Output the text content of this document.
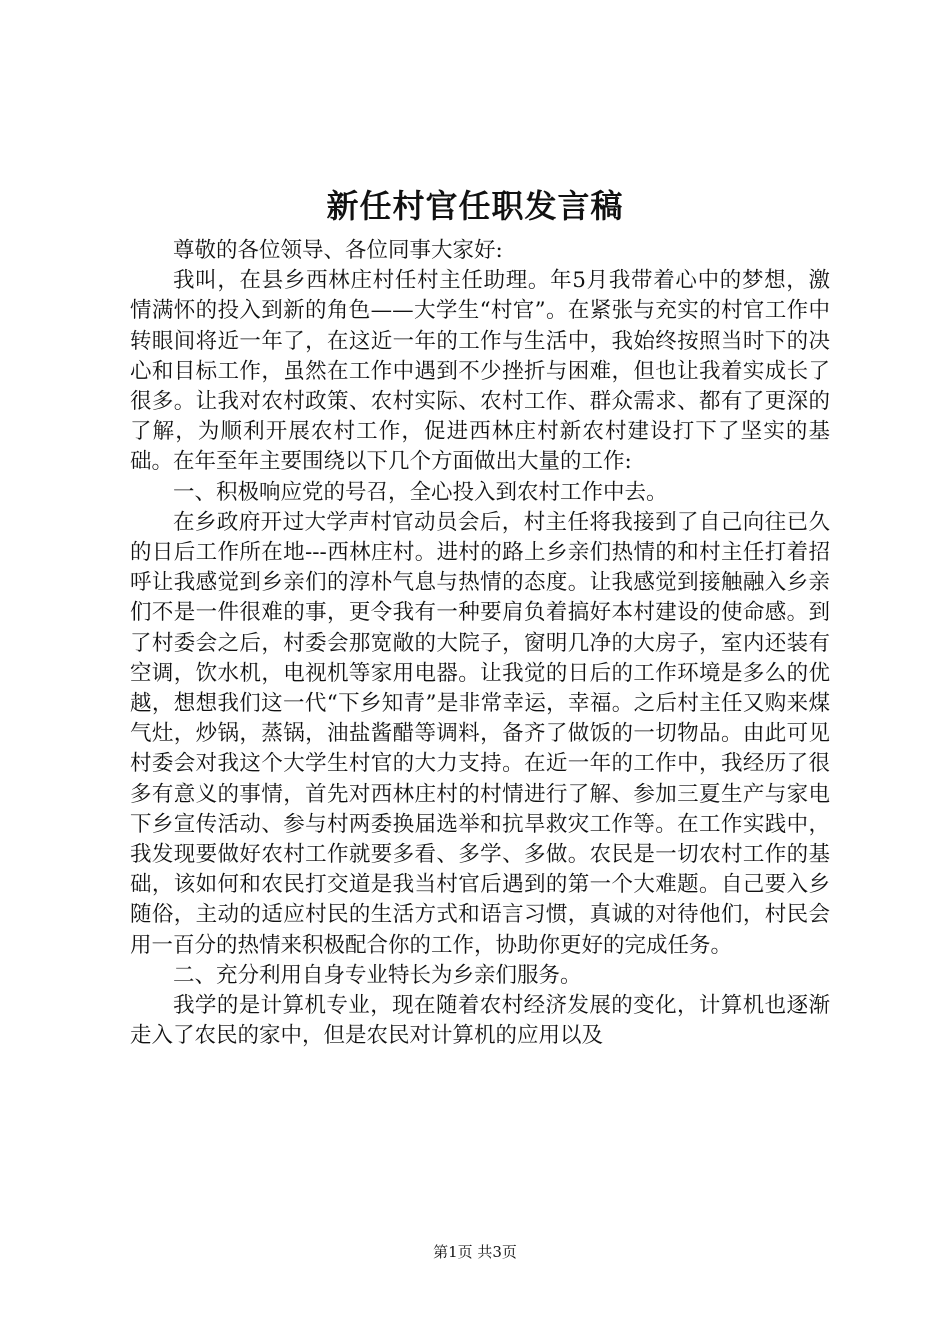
新任村官任职发言稿

尊敬的各位领导、各位同事大家好:

我叫，在县乡西林庄村任村主任助理。年5月我带着心中的梦想，激情满怀的投入到新的角色——大学生“村官”。在紧张与充实的村官工作中转眼间将近一年了，在这近一年的工作与生活中，我始终按照当时下的决心和目标工作，虽然在工作中遇到不少挫折与困难，但也让我着实成长了很多。让我对农村政策、农村实际、农村工作、群众需求、都有了更深的了解，为顺利开展农村工作，促进西林庄村新农村建设打下了坚实的基础。在年至年主要围绕以下几个方面做出大量的工作:

一、积极响应党的号召，全心投入到农村工作中去。

在乡政府开过大学声村官动员会后，村主任将我接到了自己向往已久的日后工作所在地---西林庄村。进村的路上乡亲们热情的和村主任打着招呼让我感觉到乡亲们的淳朴气息与热情的态度。让我感觉到接触融入乡亲们不是一件很难的事，更令我有一种要肩负着搞好本村建设的使命感。到了村委会之后，村委会那宽敞的大院子，窗明几净的大房子，室内还装有空调，饮水机，电视机等家用电器。让我觉的日后的工作环境是多么的优越，想想我们这一代“下乡知青”是非常幸运，幸福。之后村主任又购来煤气灶，炒锅，蒸锅，油盐酱醋等调料，备齐了做饭的一切物品。由此可见村委会对我这个大学生村官的大力支持。在近一年的工作中，我经历了很多有意义的事情，首先对西林庄村的村情进行了解、参加三夏生产与家电下乡宣传活动、参与村两委换届选举和抗旱救灾工作等。在工作实践中，我发现要做好农村工作就要多看、多学、多做。农民是一切农村工作的基础，该如何和农民打交道是我当村官后遇到的第一个大难题。自己要入乡随俗，主动的适应村民的生活方式和语言习惯，真诚的对待他们，村民会用一百分的热情来积极配合你的工作，协助你更好的完成任务。

二、充分利用自身专业特长为乡亲们服务。

我学的是计算机专业，现在随着农村经济发展的变化，计算机也逐渐走入了农民的家中，但是农民对计算机的应用以及

第1页 共3页
